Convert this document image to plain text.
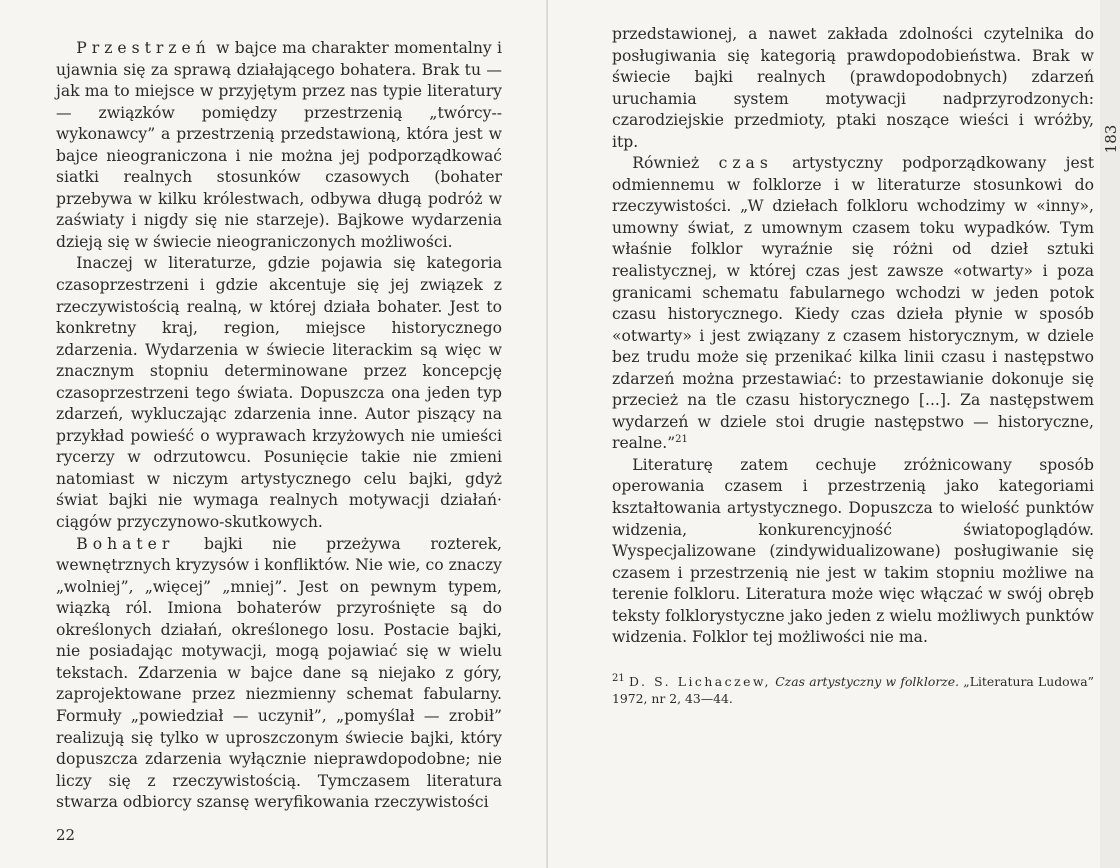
Przestrzeń w bajce ma charakter momentalny i ujawnia się za sprawą działającego bohatera. Brak tu — jak ma to miejsce w przyjętym przez nas typie literatury — związków pomiędzy przestrzenią „twórcy--wykonawcy” a przestrzenią przedstawioną, która jest w bajce nieograniczona i nie można jej podporządkować siatki realnych stosunków czasowych (bohater przebywa w kilku królestwach, odbywa długą podróż w zaświaty i nigdy się nie starzeje). Bajkowe wydarzenia dzieją się w świecie nieograniczonych możliwości.

Inaczej w literaturze, gdzie pojawia się kategoria czasoprzestrzeni i gdzie akcentuje się jej związek z rzeczywistością realną, w której działa bohater. Jest to konkretny kraj, region, miejsce historycznego zdarzenia. Wydarzenia w świecie literackim są więc w znacznym stopniu determinowane przez koncepcję czasoprzestrzeni tego świata. Dopuszcza ona jeden typ zdarzeń, wykluczając zdarzenia inne. Autor piszący na przykład powieść o wyprawach krzyżowych nie umieści rycerzy w odrzutowcu. Posunięcie takie nie zmieni natomiast w niczym artystycznego celu bajki, gdyż świat bajki nie wymaga realnych motywacji działań· ciągów przyczynowo-skutkowych.

Bohater bajki nie przeżywa rozterek, wewnętrznych kryzysów i konfliktów. Nie wie, co znaczy „wolniej”, „więcej” „mniej”. Jest on pewnym typem, wiązką ról. Imiona bohaterów przyrośnięte są do określonych działań, określonego losu. Postacie bajki, nie posiadając motywacji, mogą pojawiać się w wielu tekstach. Zdarzenia w bajce dane są niejako z góry, zaprojektowane przez niezmienny schemat fabularny. Formuły „powiedział — uczynił”, „pomyślał — zrobił” realizują się tylko w uproszczonym świecie bajki, który dopuszcza zdarzenia wyłącznie nieprawdopodobne; nie liczy się z rzeczywistością. Tymczasem literatura stwarza odbiorcy szansę weryfikowania rzeczywistości

22
183

przedstawionej, a nawet zakłada zdolności czytelnika do posługiwania się kategorią prawdopodobieństwa. Brak w świecie bajki realnych (prawdopodobnych) zdarzeń uruchamia system motywacji nadprzyrodzonych: czarodziejskie przedmioty, ptaki noszące wieści i wróżby, itp.

Również czas artystyczny podporządkowany jest odmiennemu w folklorze i w literaturze stosunkowi do rzeczywistości. „W dziełach folkloru wchodzimy w «inny», umowny świat, z umownym czasem toku wypadków. Tym właśnie folklor wyraźnie się różni od dzieł sztuki realistycznej, w której czas jest zawsze «otwarty» i poza granicami schematu fabularnego wchodzi w jeden potok czasu historycznego. Kiedy czas dzieła płynie w sposób «otwarty» i jest związany z czasem historycznym, w dziele bez trudu może się przenikać kilka linii czasu i następstwo zdarzeń można przestawiać: to przestawianie dokonuje się przecież na tle czasu historycznego [...]. Za następstwem wydarzeń w dziele stoi drugie następstwo — historyczne, realne.”$^{21}$

Literaturę zatem cechuje zróżnicowany sposób operowania czasem i przestrzenią jako kategoriami kształtowania artystycznego. Dopuszcza to wielość punktów widzenia, konkurencyjność światopoglądów. Wyspecjalizowane (zindywidualizowane) posługiwanie się czasem i przestrzenią nie jest w takim stopniu możliwe na terenie folkloru. Literatura może więc włączać w swój obręb teksty folklorystyczne jako jeden z wielu możliwych punktów widzenia. Folklor tej możliwości nie ma.

$^{21}$ D. S. Lichaczew, Czas artystyczny w folklorze. „Literatura Ludowa” 1972, nr 2, 43—44.
